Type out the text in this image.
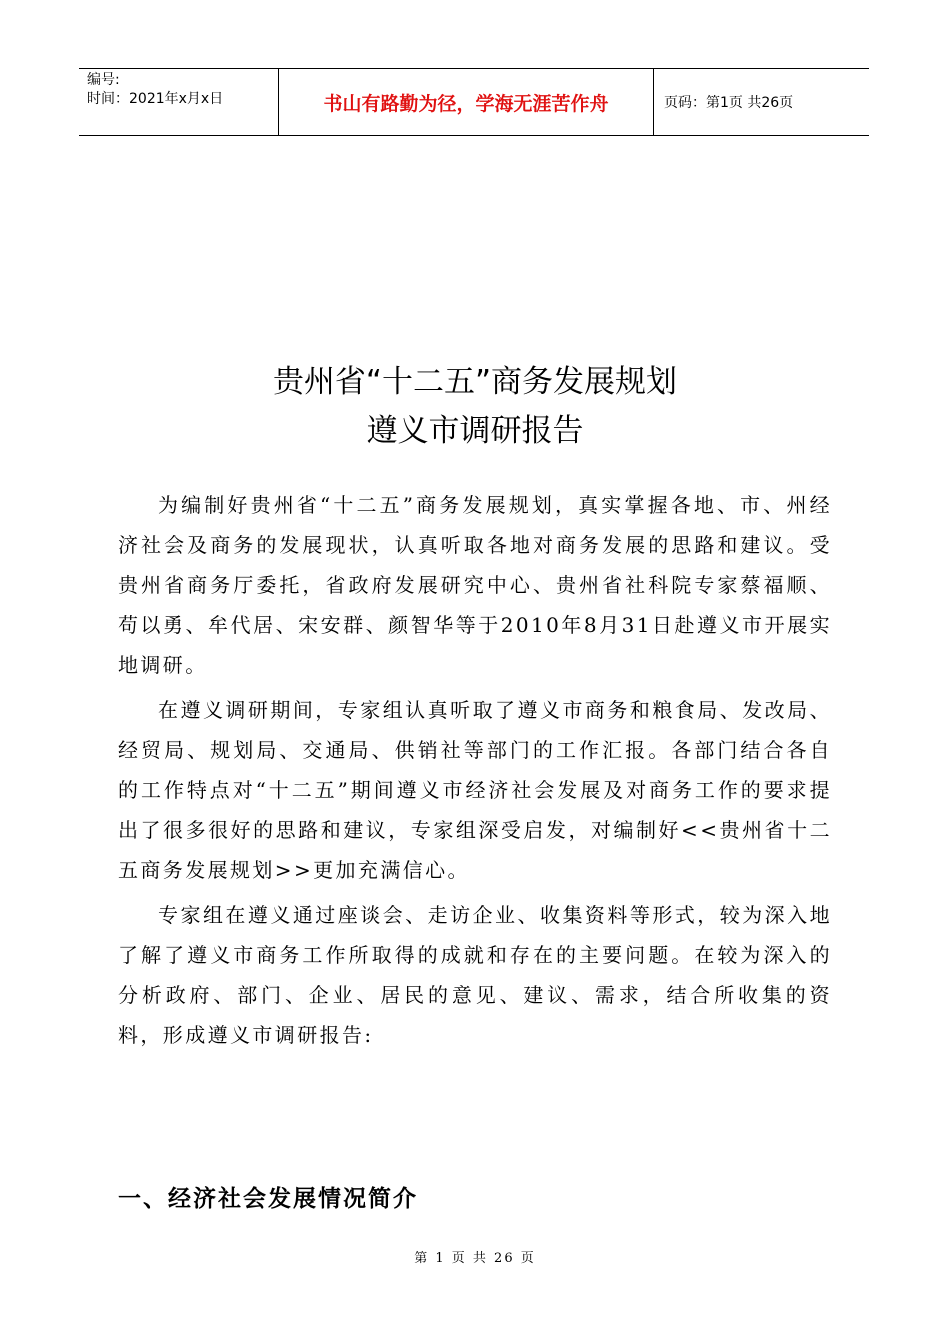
编号:
时间：2021年x月x日	书山有路勤为径，学海无涯苦作舟	页码：第1页 共26页
贵州省“十二五”商务发展规划
遵义市调研报告

为编制好贵州省“十二五”商务发展规划，真实掌握各地、市、州经济社会及商务的发展现状，认真听取各地对商务发展的思路和建议。受贵州省商务厅委托，省政府发展研究中心、贵州省社科院专家蔡福顺、苟以勇、牟代居、宋安群、颜智华等于2010年8月31日赴遵义市开展实地调研。

在遵义调研期间，专家组认真听取了遵义市商务和粮食局、发改局、经贸局、规划局、交通局、供销社等部门的工作汇报。各部门结合各自的工作特点对“十二五”期间遵义市经济社会发展及对商务工作的要求提出了很多很好的思路和建议，专家组深受启发，对编制好<<贵州省十二五商务发展规划>>更加充满信心。

专家组在遵义通过座谈会、走访企业、收集资料等形式，较为深入地了解了遵义市商务工作所取得的成就和存在的主要问题。在较为深入的分析政府、部门、企业、居民的意见、建议、需求，结合所收集的资料，形成遵义市调研报告:

一、经济社会发展情况简介
第 1 页 共 26 页
